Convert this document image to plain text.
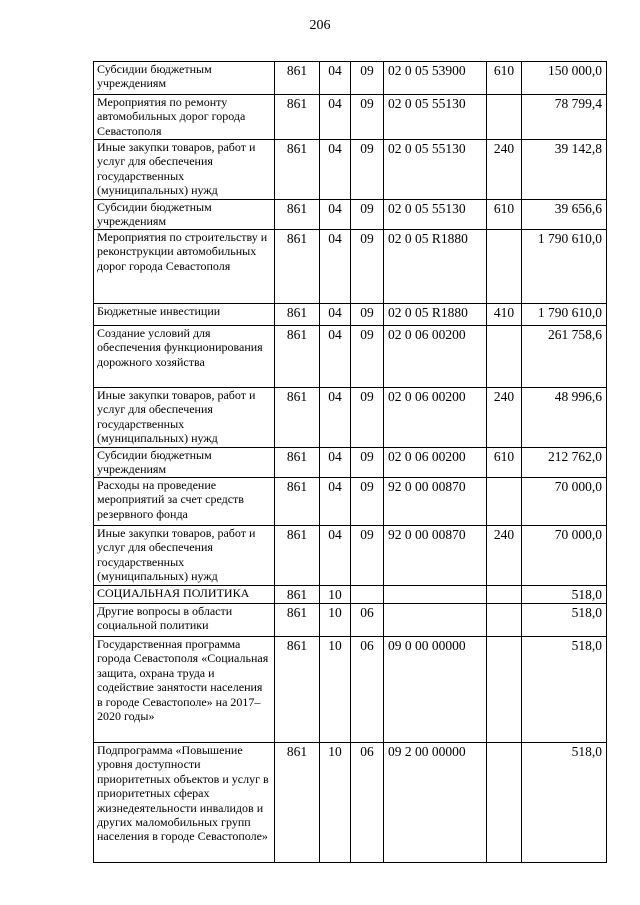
206
Субсидии бюджетным учреждениям	861	04	09	02 0 05 53900	610	150 000,0
Мероприятия по ремонту автомобильных дорог города Севастополя	861	04	09	02 0 05 55130		78 799,4
Иные закупки товаров, работ и услуг для обеспечения государственных (муниципальных) нужд	861	04	09	02 0 05 55130	240	39 142,8
Субсидии бюджетным учреждениям	861	04	09	02 0 05 55130	610	39 656,6
Мероприятия по строительству и реконструкции автомобильных дорог города Севастополя	861	04	09	02 0 05 R1880		1 790 610,0
Бюджетные инвестиции	861	04	09	02 0 05 R1880	410	1 790 610,0
Создание условий для обеспечения функционирования дорожного хозяйства	861	04	09	02 0 06 00200		261 758,6
Иные закупки товаров, работ и услуг для обеспечения государственных (муниципальных) нужд	861	04	09	02 0 06 00200	240	48 996,6
Субсидии бюджетным учреждениям	861	04	09	02 0 06 00200	610	212 762,0
Расходы на проведение мероприятий за счет средств резервного фонда	861	04	09	92 0 00 00870		70 000,0
Иные закупки товаров, работ и услуг для обеспечения государственных (муниципальных) нужд	861	04	09	92 0 00 00870	240	70 000,0
СОЦИАЛЬНАЯ ПОЛИТИКА	861	10				518,0
Другие вопросы в области социальной политики	861	10	06			518,0
Государственная программа города Севастополя «Социальная защита, охрана труда и содействие занятости населения в городе Севастополе» на 2017–2020 годы»	861	10	06	09 0 00 00000		518,0
Подпрограмма «Повышение уровня доступности приоритетных объектов и услуг в приоритетных сферах жизнедеятельности инвалидов и других маломобильных групп населения в городе Севастополе»	861	10	06	09 2 00 00000		518,0
